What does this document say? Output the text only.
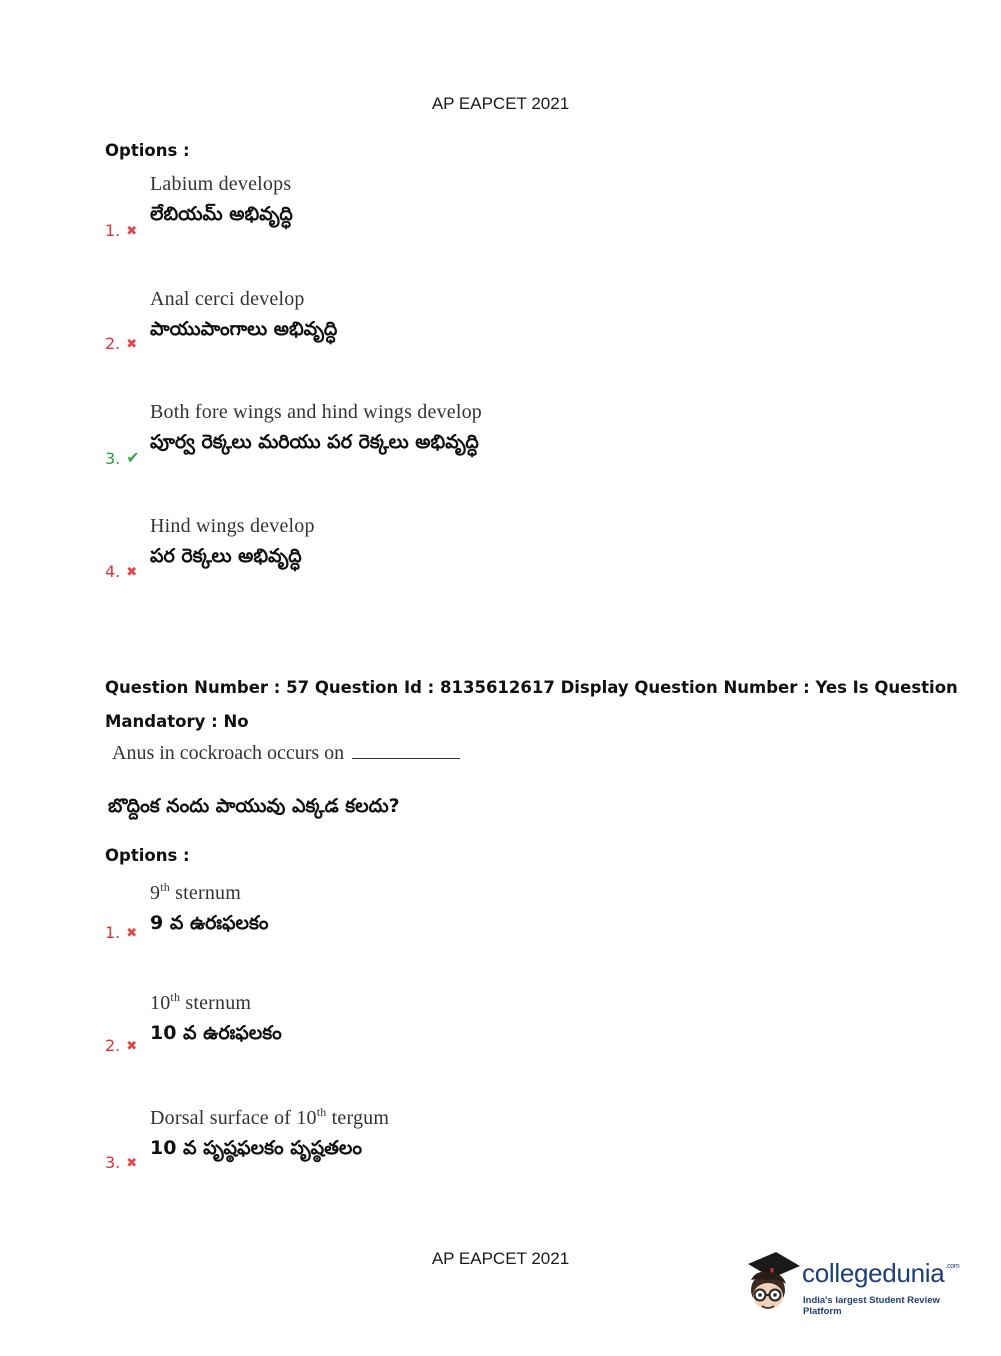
AP EAPCET 2021
Options :
Labium develops
లేబియమ్ అభివృద్ధి
1. ✖
Anal cerci develop
పాయుపాంగాలు అభివృద్ధి
2. ✖
Both fore wings and hind wings develop
పూర్వ రెక్కలు మరియు పర రెక్కలు అభివృద్ధి
3. ✔
Hind wings develop
పర రెక్కలు అభివృద్ధి
4. ✖
Question Number : 57 Question Id : 8135612617 Display Question Number : Yes Is Question
Mandatory : No
Anus in cockroach occurs on
బొద్దింక నందు పాయువు ఎక్కడ కలదు?
Options :
9th sternum
9 వ ఉరఃఫలకం
1. ✖
10th sternum
10 వ ఉరఃఫలకం
2. ✖
Dorsal surface of 10th tergum
10 వ పృష్ఠఫలకం పృష్ఠతలం
3. ✖
AP EAPCET 2021	collegedunia$^{.com}$
India's largest Student Review Platform
